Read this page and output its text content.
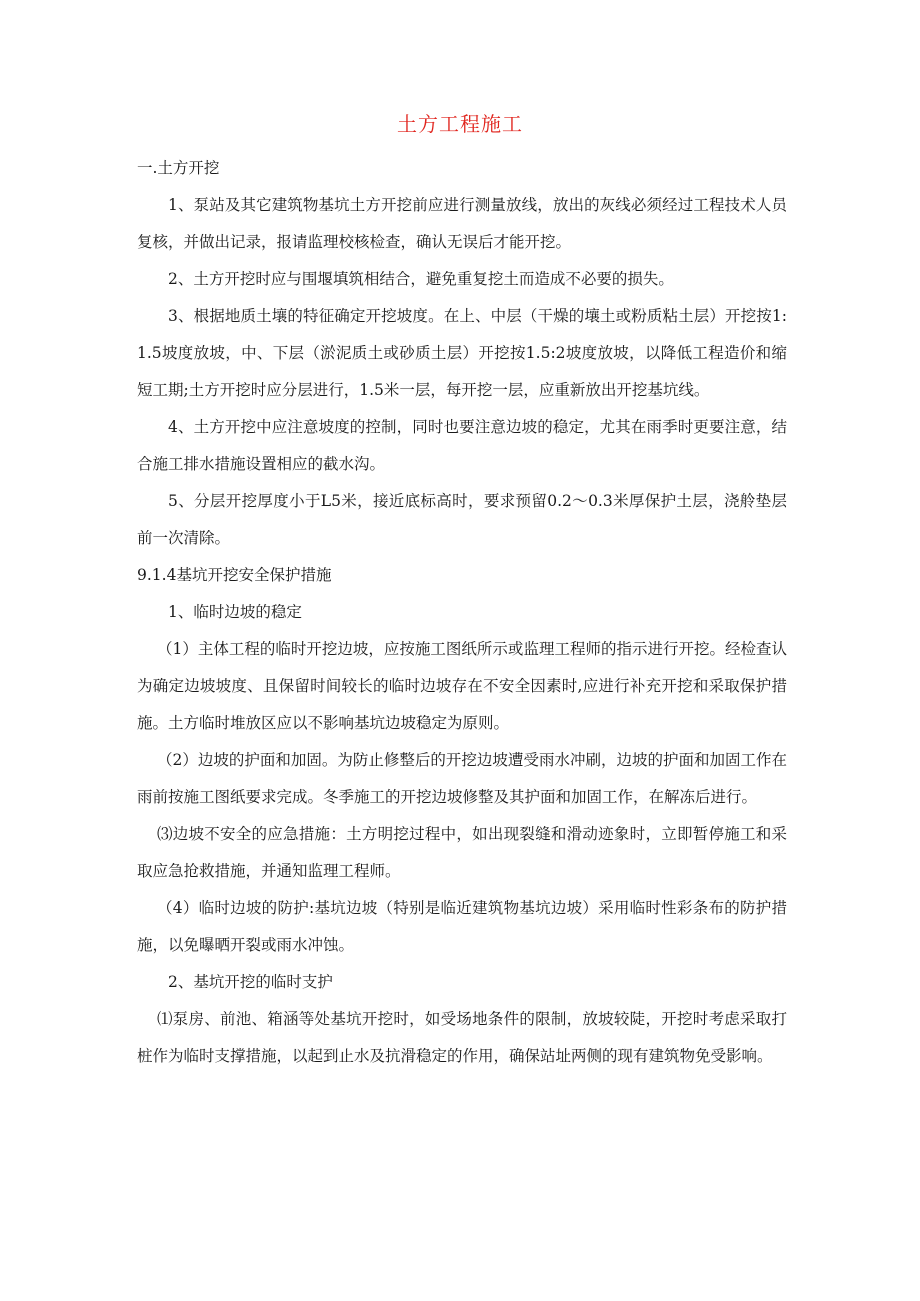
土方工程施工

一.土方开挖

1、泵站及其它建筑物基坑土方开挖前应进行测量放线，放出的灰线必须经过工程技术人员复核，并做出记录，报请监理校核检查，确认无误后才能开挖。

2、土方开挖时应与围堰填筑相结合，避免重复挖土而造成不必要的损失。

3、根据地质土壤的特征确定开挖坡度。在上、中层（干燥的壤土或粉质粘土层）开挖按1:1.5坡度放坡，中、下层（淤泥质土或砂质土层）开挖按1.5:2坡度放坡，以降低工程造价和缩短工期;土方开挖时应分层进行，1.5米一层，每开挖一层，应重新放出开挖基坑线。

4、土方开挖中应注意坡度的控制，同时也要注意边坡的稳定，尤其在雨季时更要注意，结合施工排水措施设置相应的截水沟。

5、分层开挖厚度小于L5米，接近底标高时，要求预留0.2～0.3米厚保护土层，浇舲垫层前一次清除。

9.1.4基坑开挖安全保护措施

1、临时边坡的稳定

（1）主体工程的临时开挖边坡，应按施工图纸所示或监理工程师的指示进行开挖。经检查认为确定边坡坡度、且保留时间较长的临时边坡存在不安全因素时,应进行补充开挖和采取保护措施。土方临时堆放区应以不影响基坑边坡稳定为原则。

（2）边坡的护面和加固。为防止修整后的开挖边坡遭受雨水冲刷，边坡的护面和加固工作在雨前按施工图纸要求完成。冬季施工的开挖边坡修整及其护面和加固工作，在解冻后进行。

⑶边坡不安全的应急措施：土方明挖过程中，如出现裂缝和滑动迹象时，立即暂停施工和采取应急抢救措施，并通知监理工程师。

（4）临时边坡的防护:基坑边坡（特别是临近建筑物基坑边坡）采用临时性彩条布的防护措施，以免曝晒开裂或雨水冲蚀。

2、基坑开挖的临时支护

⑴泵房、前池、箱涵等处基坑开挖时，如受场地条件的限制，放坡较陡，开挖时考虑采取打桩作为临时支撑措施，以起到止水及抗滑稳定的作用，确保站址两侧的现有建筑物免受影响。
